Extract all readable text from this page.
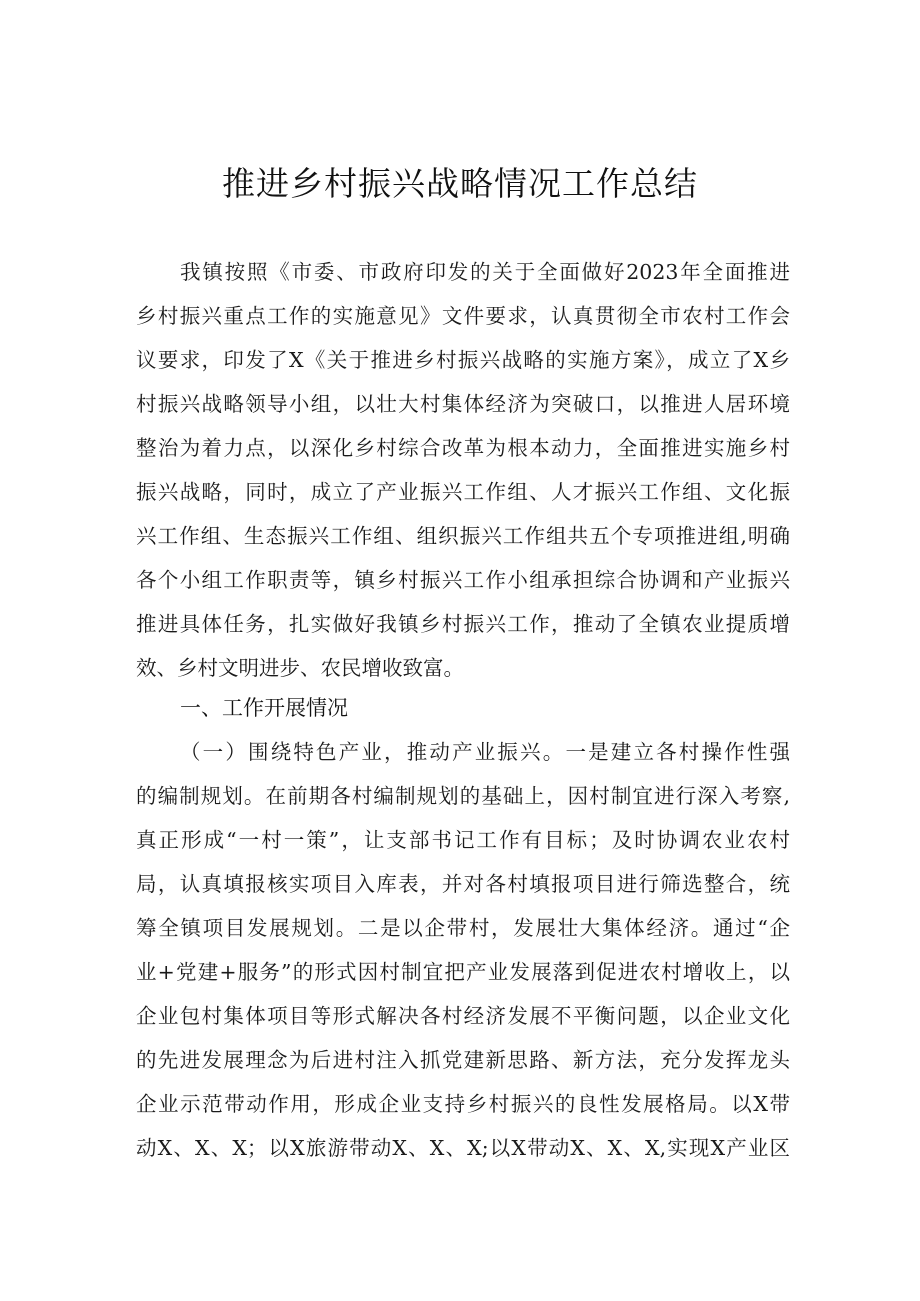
推进乡村振兴战略情况工作总结
我镇按照《市委、市政府印发的关于全面做好2023年全面推进
乡村振兴重点工作的实施意见》文件要求，认真贯彻全市农村工作会
议要求，印发了X《关于推进乡村振兴战略的实施方案》，成立了X乡
村振兴战略领导小组，以壮大村集体经济为突破口，以推进人居环境
整治为着力点，以深化乡村综合改革为根本动力，全面推进实施乡村
振兴战略，同时，成立了产业振兴工作组、人才振兴工作组、文化振
兴工作组、生态振兴工作组、组织振兴工作组共五个专项推进组,明确
各个小组工作职责等，镇乡村振兴工作小组承担综合协调和产业振兴
推进具体任务，扎实做好我镇乡村振兴工作，推动了全镇农业提质增
效、乡村文明进步、农民增收致富。
一、工作开展情况
（一）围绕特色产业，推动产业振兴。一是建立各村操作性强
的编制规划。在前期各村编制规划的基础上，因村制宜进行深入考察,
真正形成“一村一策”，让支部书记工作有目标；及时协调农业农村
局，认真填报核实项目入库表，并对各村填报项目进行筛选整合，统
筹全镇项目发展规划。二是以企带村，发展壮大集体经济。通过“企
业+党建+服务”的形式因村制宜把产业发展落到促进农村增收上，以
企业包村集体项目等形式解决各村经济发展不平衡问题，以企业文化
的先进发展理念为后进村注入抓党建新思路、新方法，充分发挥龙头
企业示范带动作用，形成企业支持乡村振兴的良性发展格局。以X带
动X、X、X；以X旅游带动X、X、X;以X带动X、X、X,实现X产业区
